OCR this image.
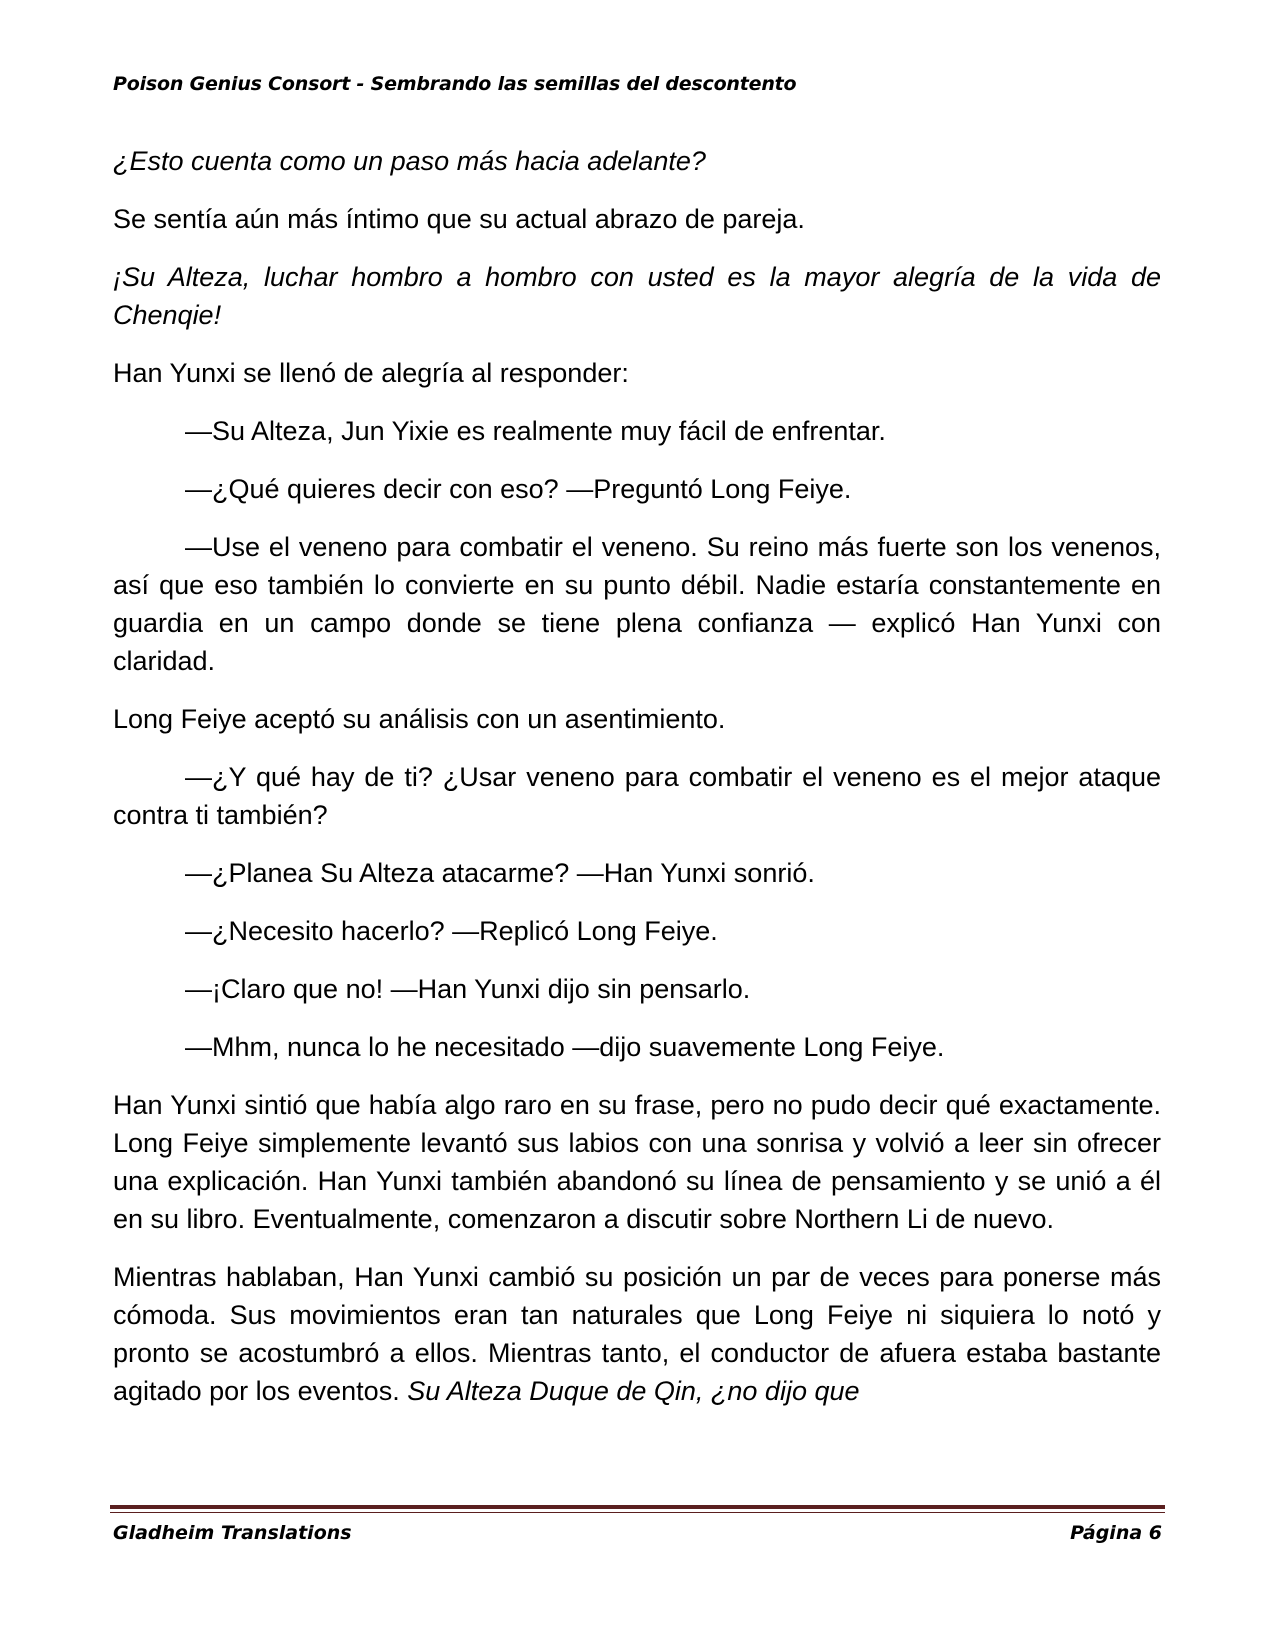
Poison Genius Consort - Sembrando las semillas del descontento

¿Esto cuenta como un paso más hacia adelante?

Se sentía aún más íntimo que su actual abrazo de pareja.

¡Su Alteza, luchar hombro a hombro con usted es la mayor alegría de la vida de Chenqie!

Han Yunxi se llenó de alegría al responder:

—Su Alteza, Jun Yixie es realmente muy fácil de enfrentar.

—¿Qué quieres decir con eso? —Preguntó Long Feiye.

—Use el veneno para combatir el veneno. Su reino más fuerte son los venenos, así que eso también lo convierte en su punto débil. Nadie estaría constantemente en guardia en un campo donde se tiene plena confianza — explicó Han Yunxi con claridad.

Long Feiye aceptó su análisis con un asentimiento.

—¿Y qué hay de ti? ¿Usar veneno para combatir el veneno es el mejor ataque contra ti también?

—¿Planea Su Alteza atacarme? —Han Yunxi sonrió.

—¿Necesito hacerlo? —Replicó Long Feiye.

—¡Claro que no! —Han Yunxi dijo sin pensarlo.

—Mhm, nunca lo he necesitado —dijo suavemente Long Feiye.

Han Yunxi sintió que había algo raro en su frase, pero no pudo decir qué exactamente. Long Feiye simplemente levantó sus labios con una sonrisa y volvió a leer sin ofrecer una explicación. Han Yunxi también abandonó su línea de pensamiento y se unió a él en su libro. Eventualmente, comenzaron a discutir sobre Northern Li de nuevo.

Mientras hablaban, Han Yunxi cambió su posición un par de veces para ponerse más cómoda. Sus movimientos eran tan naturales que Long Feiye ni siquiera lo notó y pronto se acostumbró a ellos. Mientras tanto, el conductor de afuera estaba bastante agitado por los eventos. Su Alteza Duque de Qin, ¿no dijo que

Gladheim Translations	Página 6
